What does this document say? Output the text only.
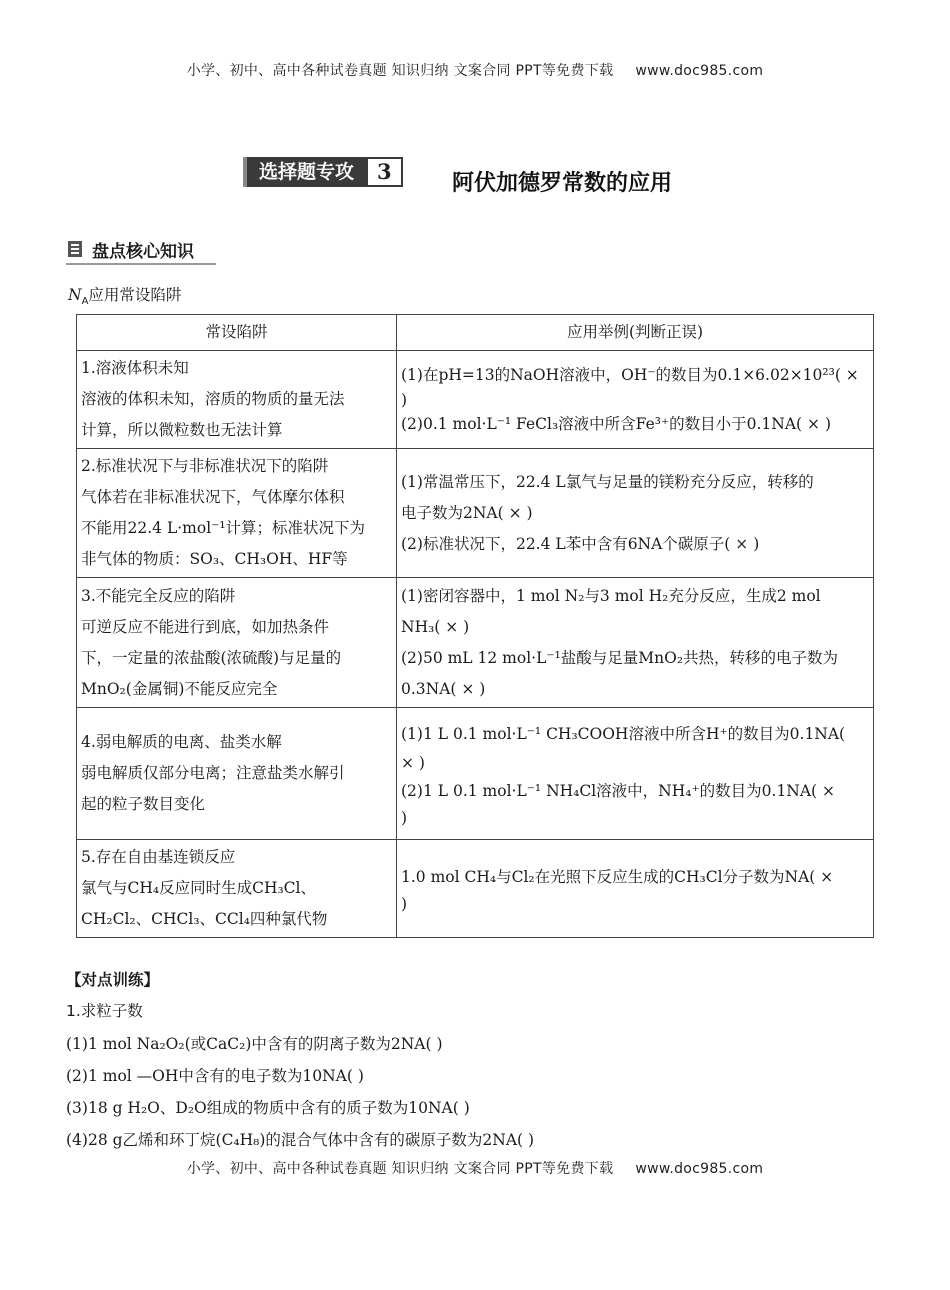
小学、初中、高中各种试卷真题 知识归纳 文案合同 PPT等免费下载 www.doc985.com
选择题专攻	3	阿伏加德罗常数的应用
盘点核心知识
$N_A$应用常设陷阱
常设陷阱	应用举例(判断正误)

1.溶液体积未知
溶液的体积未知，溶质的物质的量无法
计算，所以微粒数也无法计算	(1)在pH=13的NaOH溶液中，OH⁻的数目为0.1×6.02×10²³( ×
)
(2)0.1 mol·L⁻¹ FeCl₃溶液中所含Fe³⁺的数目小于0.1NA( × )

2.标准状况下与非标准状况下的陷阱
气体若在非标准状况下，气体摩尔体积
不能用22.4 L·mol⁻¹计算；标准状况下为
非气体的物质：SO₃、CH₃OH、HF等	(1)常温常压下，22.4 L氯气与足量的镁粉充分反应，转移的
电子数为2NA( × )
(2)标准状况下，22.4 L苯中含有6NA个碳原子( × )

3.不能完全反应的陷阱
可逆反应不能进行到底，如加热条件
下，一定量的浓盐酸(浓硫酸)与足量的
MnO₂(金属铜)不能反应完全	(1)密闭容器中，1 mol N₂与3 mol H₂充分反应，生成2 mol
NH₃( × )
(2)50 mL 12 mol·L⁻¹盐酸与足量MnO₂共热，转移的电子数为
0.3NA( × )

4.弱电解质的电离、盐类水解
弱电解质仅部分电离；注意盐类水解引
起的粒子数目变化	(1)1 L 0.1 mol·L⁻¹ CH₃COOH溶液中所含H⁺的数目为0.1NA(
× )
(2)1 L 0.1 mol·L⁻¹ NH₄Cl溶液中，NH₄⁺的数目为0.1NA( ×
)

5.存在自由基连锁反应
氯气与CH₄反应同时生成CH₃Cl、
CH₂Cl₂、CHCl₃、CCl₄四种氯代物	1.0 mol CH₄与Cl₂在光照下反应生成的CH₃Cl分子数为NA( ×
)
【对点训练】
1.求粒子数
(1)1 mol Na₂O₂(或CaC₂)中含有的阴离子数为2NA( )
(2)1 mol —OH中含有的电子数为10NA( )
(3)18 g H₂O、D₂O组成的物质中含有的质子数为10NA( )
(4)28 g乙烯和环丁烷(C₄H₈)的混合气体中含有的碳原子数为2NA( )
小学、初中、高中各种试卷真题 知识归纳 文案合同 PPT等免费下载 www.doc985.com
